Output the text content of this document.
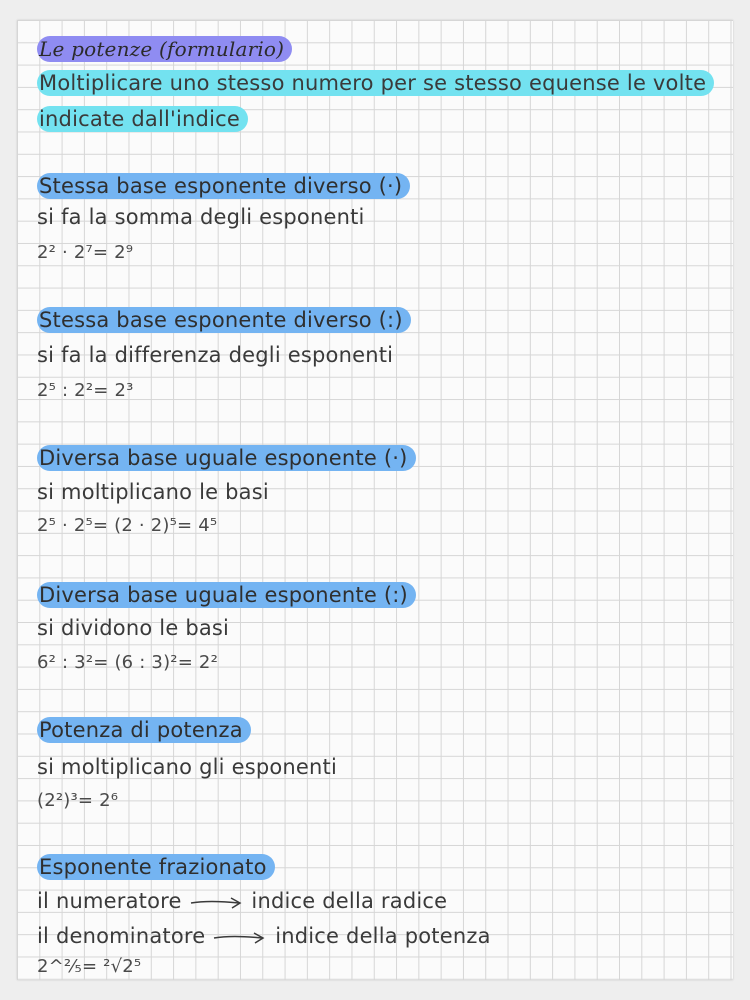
Le potenze (formulario)
Moltiplicare uno stesso numero per se stesso equense le volte
indicate dall'indice
Stessa base esponente diverso (·)
si fa la somma degli esponenti
2² · 2⁷= 2⁹
Stessa base esponente diverso (:)
si fa la differenza degli esponenti
2⁵ : 2²= 2³
Diversa base uguale esponente (·)
si moltiplicano le basi
2⁵ · 2⁵= (2 · 2)⁵= 4⁵
Diversa base uguale esponente (:)
si dividono le basi
6² : 3²= (6 : 3)²= 2²
Potenza di potenza
si moltiplicano gli esponenti
(2²)³= 2⁶
Esponente frazionato
il numeratore	indice della radice
il denominatore	indice della potenza
2^²⁄₅= ²√2⁵
